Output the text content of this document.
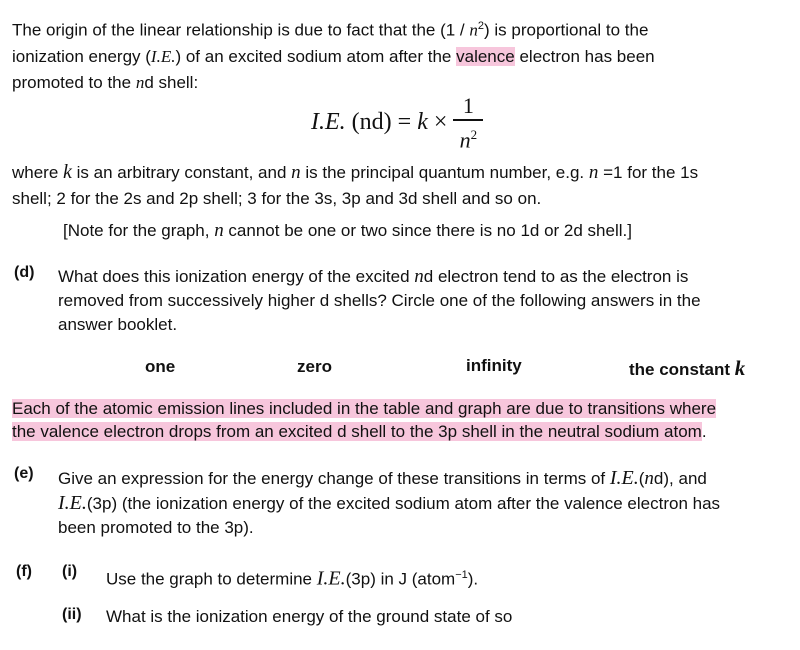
The origin of the linear relationship is due to fact that the $(1 / n^2)$ is proportional to the
ionization energy (I.E.) of an excited sodium atom after the valence electron has been
promoted to the nd shell:
I.E. $(nd) = k \times \frac{1}{n^2}$
where k is an arbitrary constant, and n is the principal quantum number, e.g. n =1 for the 1s
shell; 2 for the 2s and 2p shell; 3 for the 3s, 3p and 3d shell and so on.
[Note for the graph, n cannot be one or two since there is no 1d or 2d shell.]
(d) What does this ionization energy of the excited nd electron tend to as the electron is
removed from successively higher d shells? Circle one of the following answers in the
answer booklet.
one	zero	infinity	the constant k
Each of the atomic emission lines included in the table and graph are due to transitions where
the valence electron drops from an excited d shell to the 3p shell in the neutral sodium atom.
(e) Give an expression for the energy change of these transitions in terms of I.E.(nd), and
I.E.(3p) (the ionization energy of the excited sodium atom after the valence electron has
been promoted to the 3p).
(f) (i) Use the graph to determine I.E.(3p) in J (atom$^{-1}$).
(ii) What is the ionization energy of the ground state of so
